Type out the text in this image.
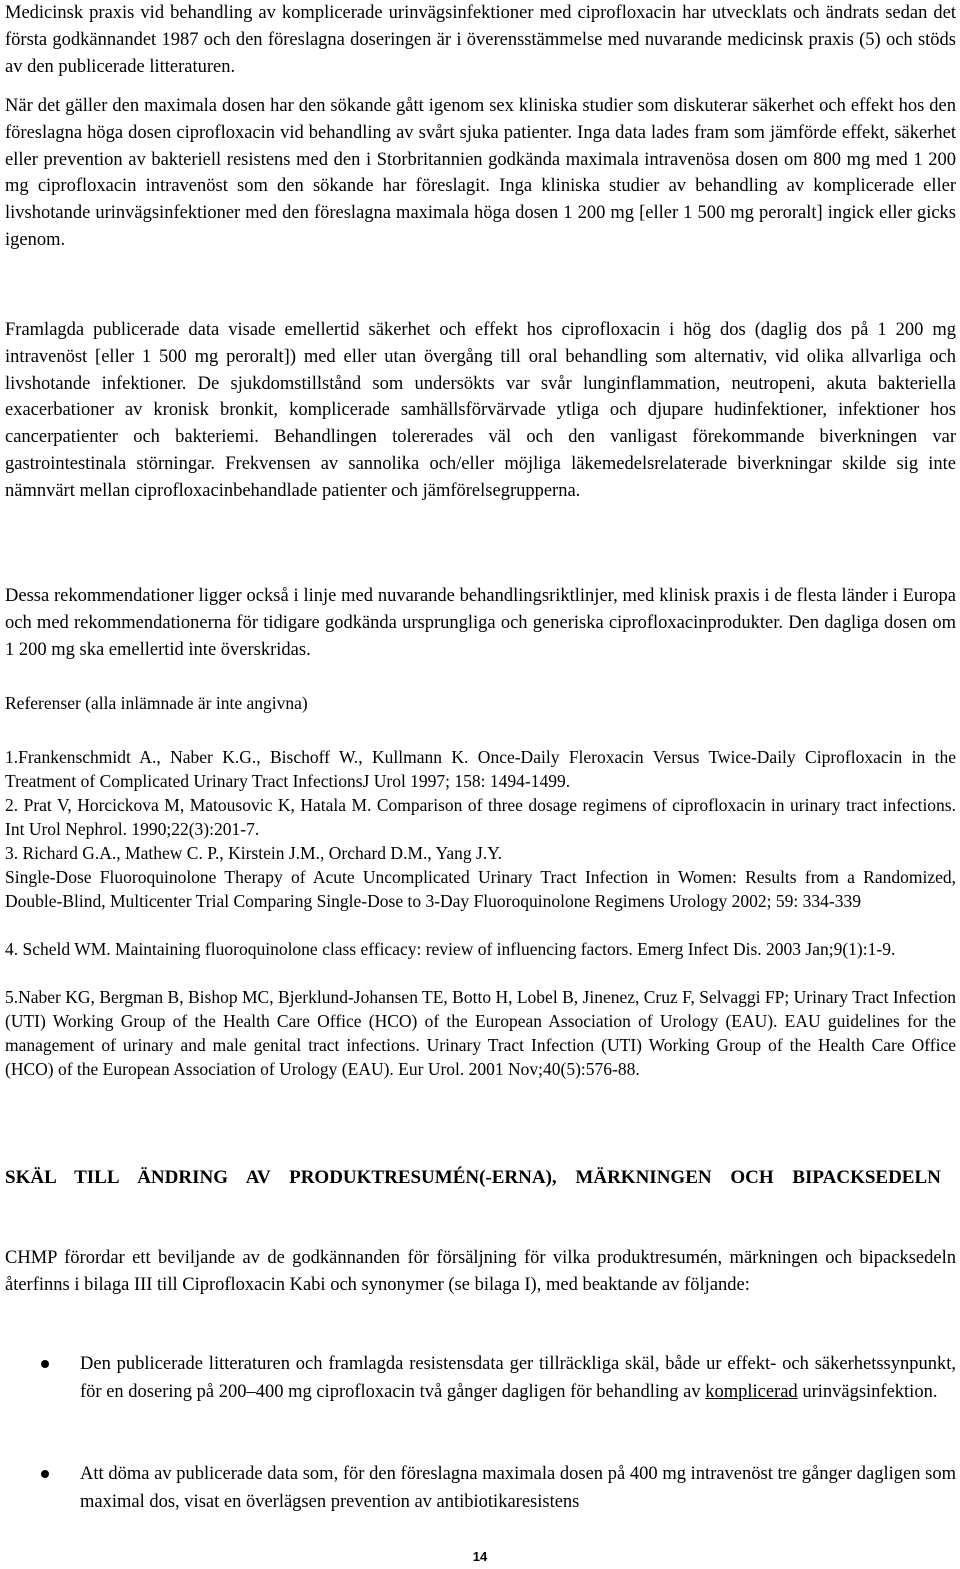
Medicinsk praxis vid behandling av komplicerade urinvägsinfektioner med ciprofloxacin har utvecklats och ändrats sedan det första godkännandet 1987 och den föreslagna doseringen är i överensstämmelse med nuvarande medicinsk praxis (5) och stöds av den publicerade litteraturen.

När det gäller den maximala dosen har den sökande gått igenom sex kliniska studier som diskuterar säkerhet och effekt hos den föreslagna höga dosen ciprofloxacin vid behandling av svårt sjuka patienter. Inga data lades fram som jämförde effekt, säkerhet eller prevention av bakteriell resistens med den i Storbritannien godkända maximala intravenösa dosen om 800 mg med 1 200 mg ciprofloxacin intravenöst som den sökande har föreslagit. Inga kliniska studier av behandling av komplicerade eller livshotande urinvägsinfektioner med den föreslagna maximala höga dosen 1 200 mg [eller 1 500 mg peroralt] ingick eller gicks igenom.

Framlagda publicerade data visade emellertid säkerhet och effekt hos ciprofloxacin i hög dos (daglig dos på 1 200 mg intravenöst [eller 1 500 mg peroralt]) med eller utan övergång till oral behandling som alternativ, vid olika allvarliga och livshotande infektioner. De sjukdomstillstånd som undersökts var svår lunginflammation, neutropeni, akuta bakteriella exacerbationer av kronisk bronkit, komplicerade samhällsförvärvade ytliga och djupare hudinfektioner, infektioner hos cancerpatienter och bakteriemi. Behandlingen tolererades väl och den vanligast förekommande biverkningen var gastrointestinala störningar. Frekvensen av sannolika och/eller möjliga läkemedelsrelaterade biverkningar skilde sig inte nämnvärt mellan ciprofloxacinbehandlade patienter och jämförelsegrupperna.

Dessa rekommendationer ligger också i linje med nuvarande behandlingsriktlinjer, med klinisk praxis i de flesta länder i Europa och med rekommendationerna för tidigare godkända ursprungliga och generiska ciprofloxacinprodukter. Den dagliga dosen om 1 200 mg ska emellertid inte överskridas.

Referenser (alla inlämnade är inte angivna)

1.Frankenschmidt A., Naber K.G., Bischoff W., Kullmann K. Once-Daily Fleroxacin Versus Twice-Daily Ciprofloxacin in the Treatment of Complicated Urinary Tract InfectionsJ Urol 1997; 158: 1494-1499.

2. Prat V, Horcickova M, Matousovic K, Hatala M. Comparison of three dosage regimens of ciprofloxacin in urinary tract infections. Int Urol Nephrol. 1990;22(3):201-7.

3. Richard G.A., Mathew C. P., Kirstein J.M., Orchard D.M., Yang J.Y.

Single-Dose Fluoroquinolone Therapy of Acute Uncomplicated Urinary Tract Infection in Women: Results from a Randomized, Double-Blind, Multicenter Trial Comparing Single-Dose to 3-Day Fluoroquinolone Regimens Urology 2002; 59: 334-339

4. Scheld WM. Maintaining fluoroquinolone class efficacy: review of influencing factors. Emerg Infect Dis. 2003 Jan;9(1):1-9.

5.Naber KG, Bergman B, Bishop MC, Bjerklund-Johansen TE, Botto H, Lobel B, Jinenez, Cruz F, Selvaggi FP; Urinary Tract Infection (UTI) Working Group of the Health Care Office (HCO) of the European Association of Urology (EAU). EAU guidelines for the management of urinary and male genital tract infections. Urinary Tract Infection (UTI) Working Group of the Health Care Office (HCO) of the European Association of Urology (EAU). Eur Urol. 2001 Nov;40(5):576-88.

SKÄL TILL ÄNDRING AV PRODUKTRESUMÉN(-ERNA), MÄRKNINGEN OCH BIPACKSEDELN

CHMP förordar ett beviljande av de godkännanden för försäljning för vilka produktresumén, märkningen och bipacksedeln återfinns i bilaga III till Ciprofloxacin Kabi och synonymer (se bilaga I), med beaktande av följande:

Den publicerade litteraturen och framlagda resistensdata ger tillräckliga skäl, både ur effekt- och säkerhetssynpunkt, för en dosering på 200–400 mg ciprofloxacin två gånger dagligen för behandling av komplicerad urinvägsinfektion.
Att döma av publicerade data som, för den föreslagna maximala dosen på 400 mg intravenöst tre gånger dagligen som maximal dos, visat en överlägsen prevention av antibiotikaresistens
14
